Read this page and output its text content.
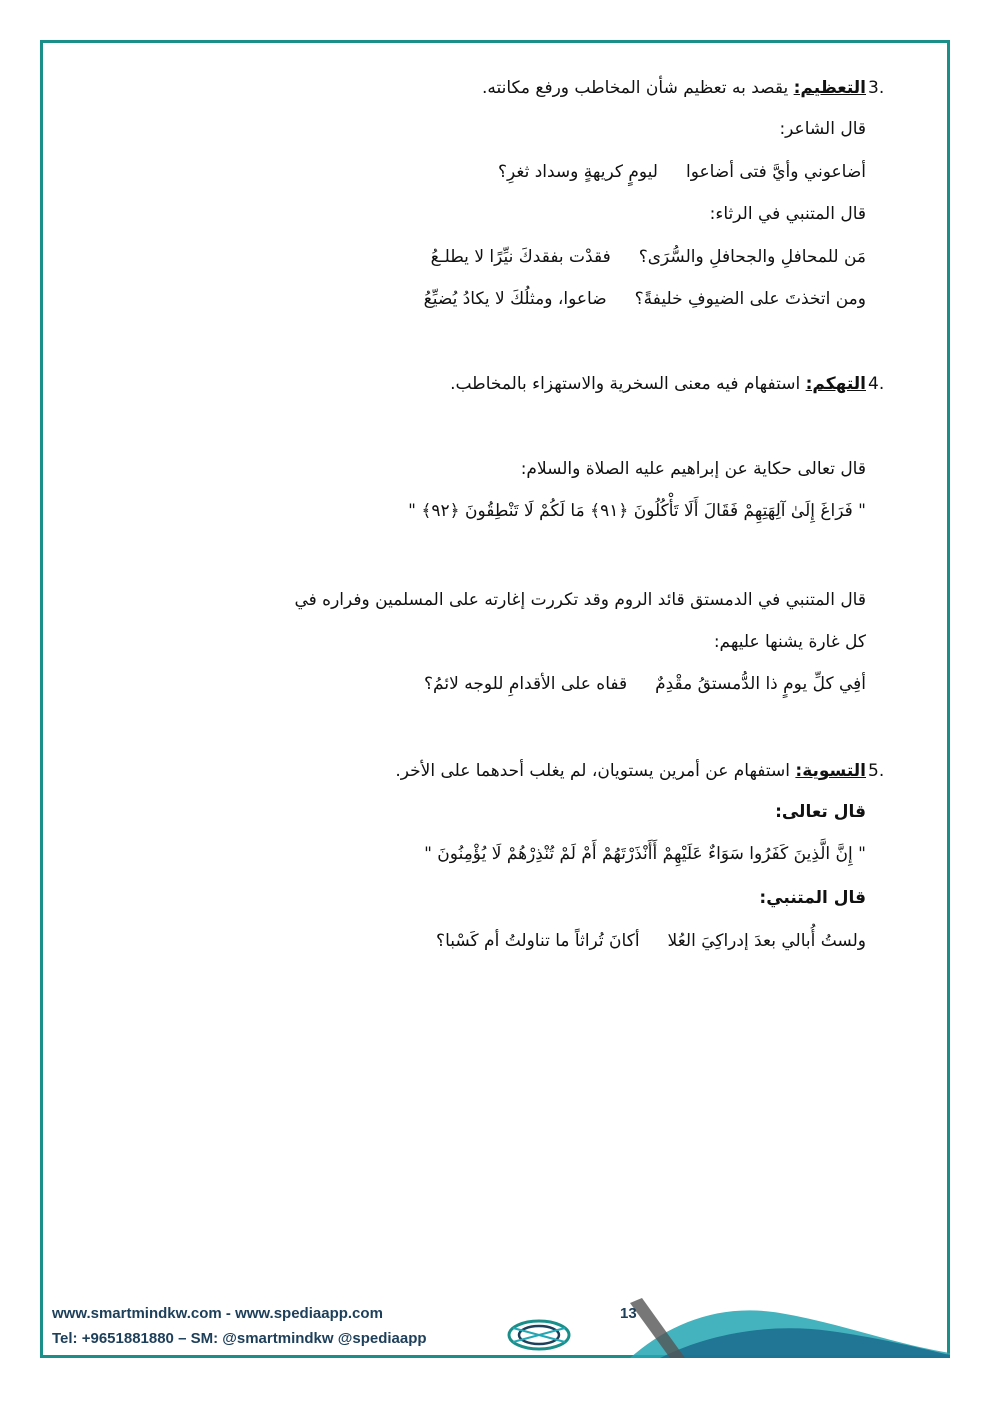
3.
التعظيم: يقصد به تعظيم شأن المخاطب ورفع مكانته.
قال الشاعر:
أضاعوني وأيَّ فتى أضاعواليومٍ كريهةٍ وسداد ثغرِ؟
قال المتنبي في الرثاء:
مَن للمحافلِ والجحافلِ والسُّرَى؟فقدْت بفقدكَ نيِّرًا لا يطلـعُ
ومن اتخذتَ على الضيوفِ خليفةً؟ضاعوا، ومثلُكَ لا يكادُ يُضيِّعُ
4.
التهكم: استفهام فيه معنى السخرية والاستهزاء بالمخاطب.
قال تعالى حكاية عن إبراهيم عليه الصلاة والسلام:
" فَرَاغَ إِلَىٰ آلِهَتِهِمْ فَقَالَ أَلَا تَأْكُلُونَ ﴿٩١﴾ مَا لَكُمْ لَا تَنْطِقُونَ ﴿٩٢﴾ "
قال المتنبي في الدمستق قائد الروم وقد تكررت إغارته على المسلمين وفراره في
كل غارة يشنها عليهم:
أفِي كلِّ يومٍ ذا الدُّمستقُ مقْدِمٌقفاه على الأقدامِ للوجه لائمُ؟
5.
التسوية: استفهام عن أمرين يستويان، لم يغلب أحدهما على الأخر.
قال تعالى:
" إِنَّ الَّذِينَ كَفَرُوا سَوَاءٌ عَلَيْهِمْ أَأَنْذَرْتَهُمْ أَمْ لَمْ تُنْذِرْهُمْ لَا يُؤْمِنُونَ "
قال المتنبي:
ولستُ أُبالي بعدَ إدراكِيَ العُلاأكانَ تُراثاً ما تناولتُ أم كَسْبا؟
13
www.smartmindkw.com - www.spediaapp.com
Tel: +9651881880 – SM: @smartmindkw @spediaapp
